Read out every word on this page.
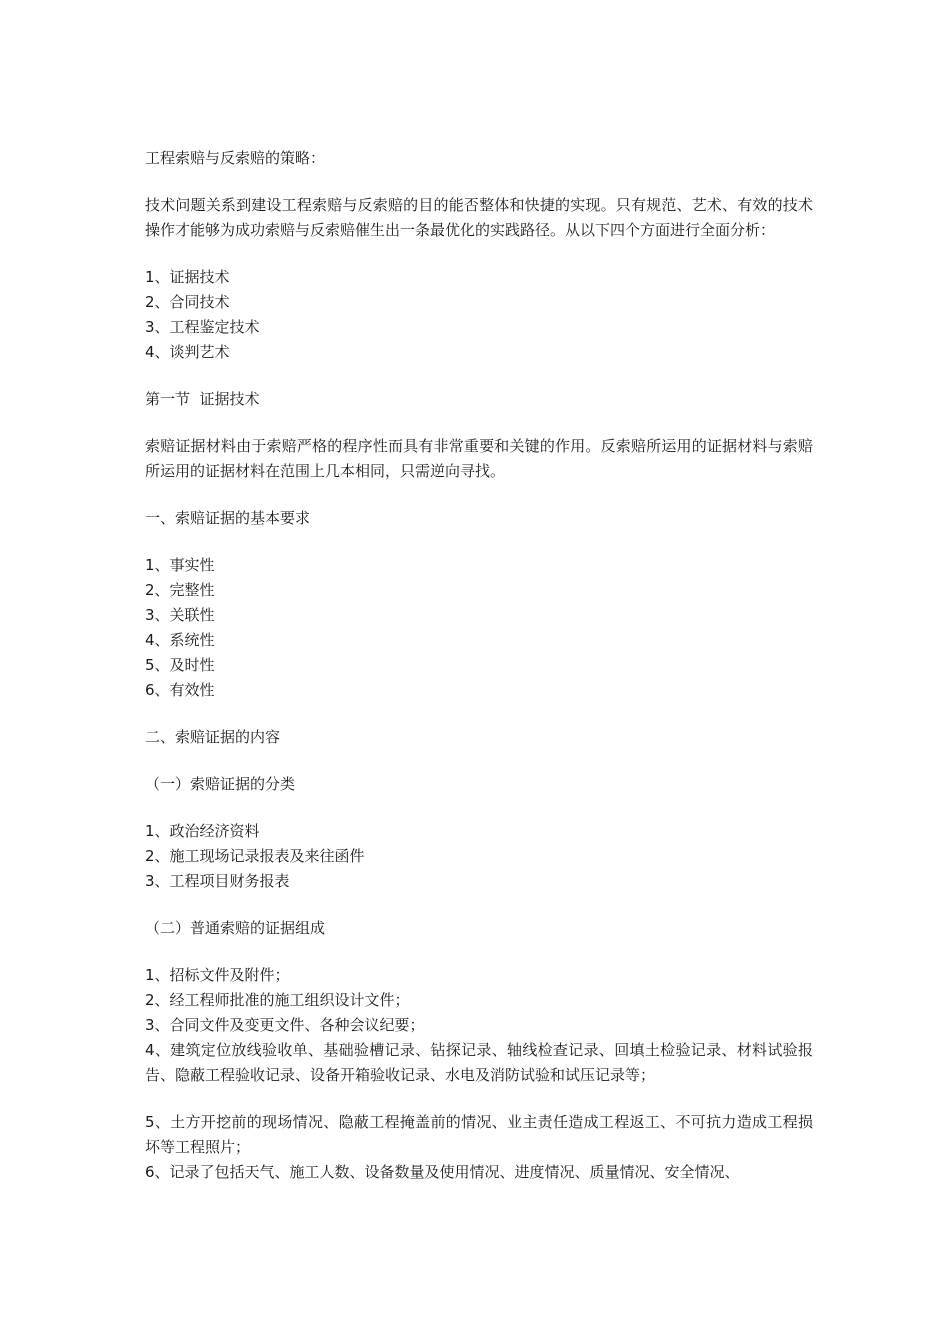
工程索赔与反索赔的策略：

技术问题关系到建设工程索赔与反索赔的目的能否整体和快捷的实现。只有规范、艺术、有效的技术操作才能够为成功索赔与反索赔催生出一条最优化的实践路径。从以下四个方面进行全面分析：

1、证据技术
2、合同技术
3、工程鉴定技术
4、谈判艺术

第一节  证据技术

索赔证据材料由于索赔严格的程序性而具有非常重要和关键的作用。反索赔所运用的证据材料与索赔所运用的证据材料在范围上几本相同，只需逆向寻找。

一、索赔证据的基本要求

1、事实性
2、完整性
3、关联性
4、系统性
5、及时性
6、有效性

二、索赔证据的内容

（一）索赔证据的分类

1、政治经济资料
2、施工现场记录报表及来往函件
3、工程项目财务报表

（二）普通索赔的证据组成

1、招标文件及附件；
2、经工程师批准的施工组织设计文件；
3、合同文件及变更文件、各种会议纪要；

4、建筑定位放线验收单、基础验槽记录、钻探记录、轴线检查记录、回填土检验记录、材料试验报告、隐蔽工程验收记录、设备开箱验收记录、水电及消防试验和试压记录等；

5、土方开挖前的现场情况、隐蔽工程掩盖前的情况、业主责任造成工程返工、不可抗力造成工程损坏等工程照片；

6、记录了包括天气、施工人数、设备数量及使用情况、进度情况、质量情况、安全情况、
